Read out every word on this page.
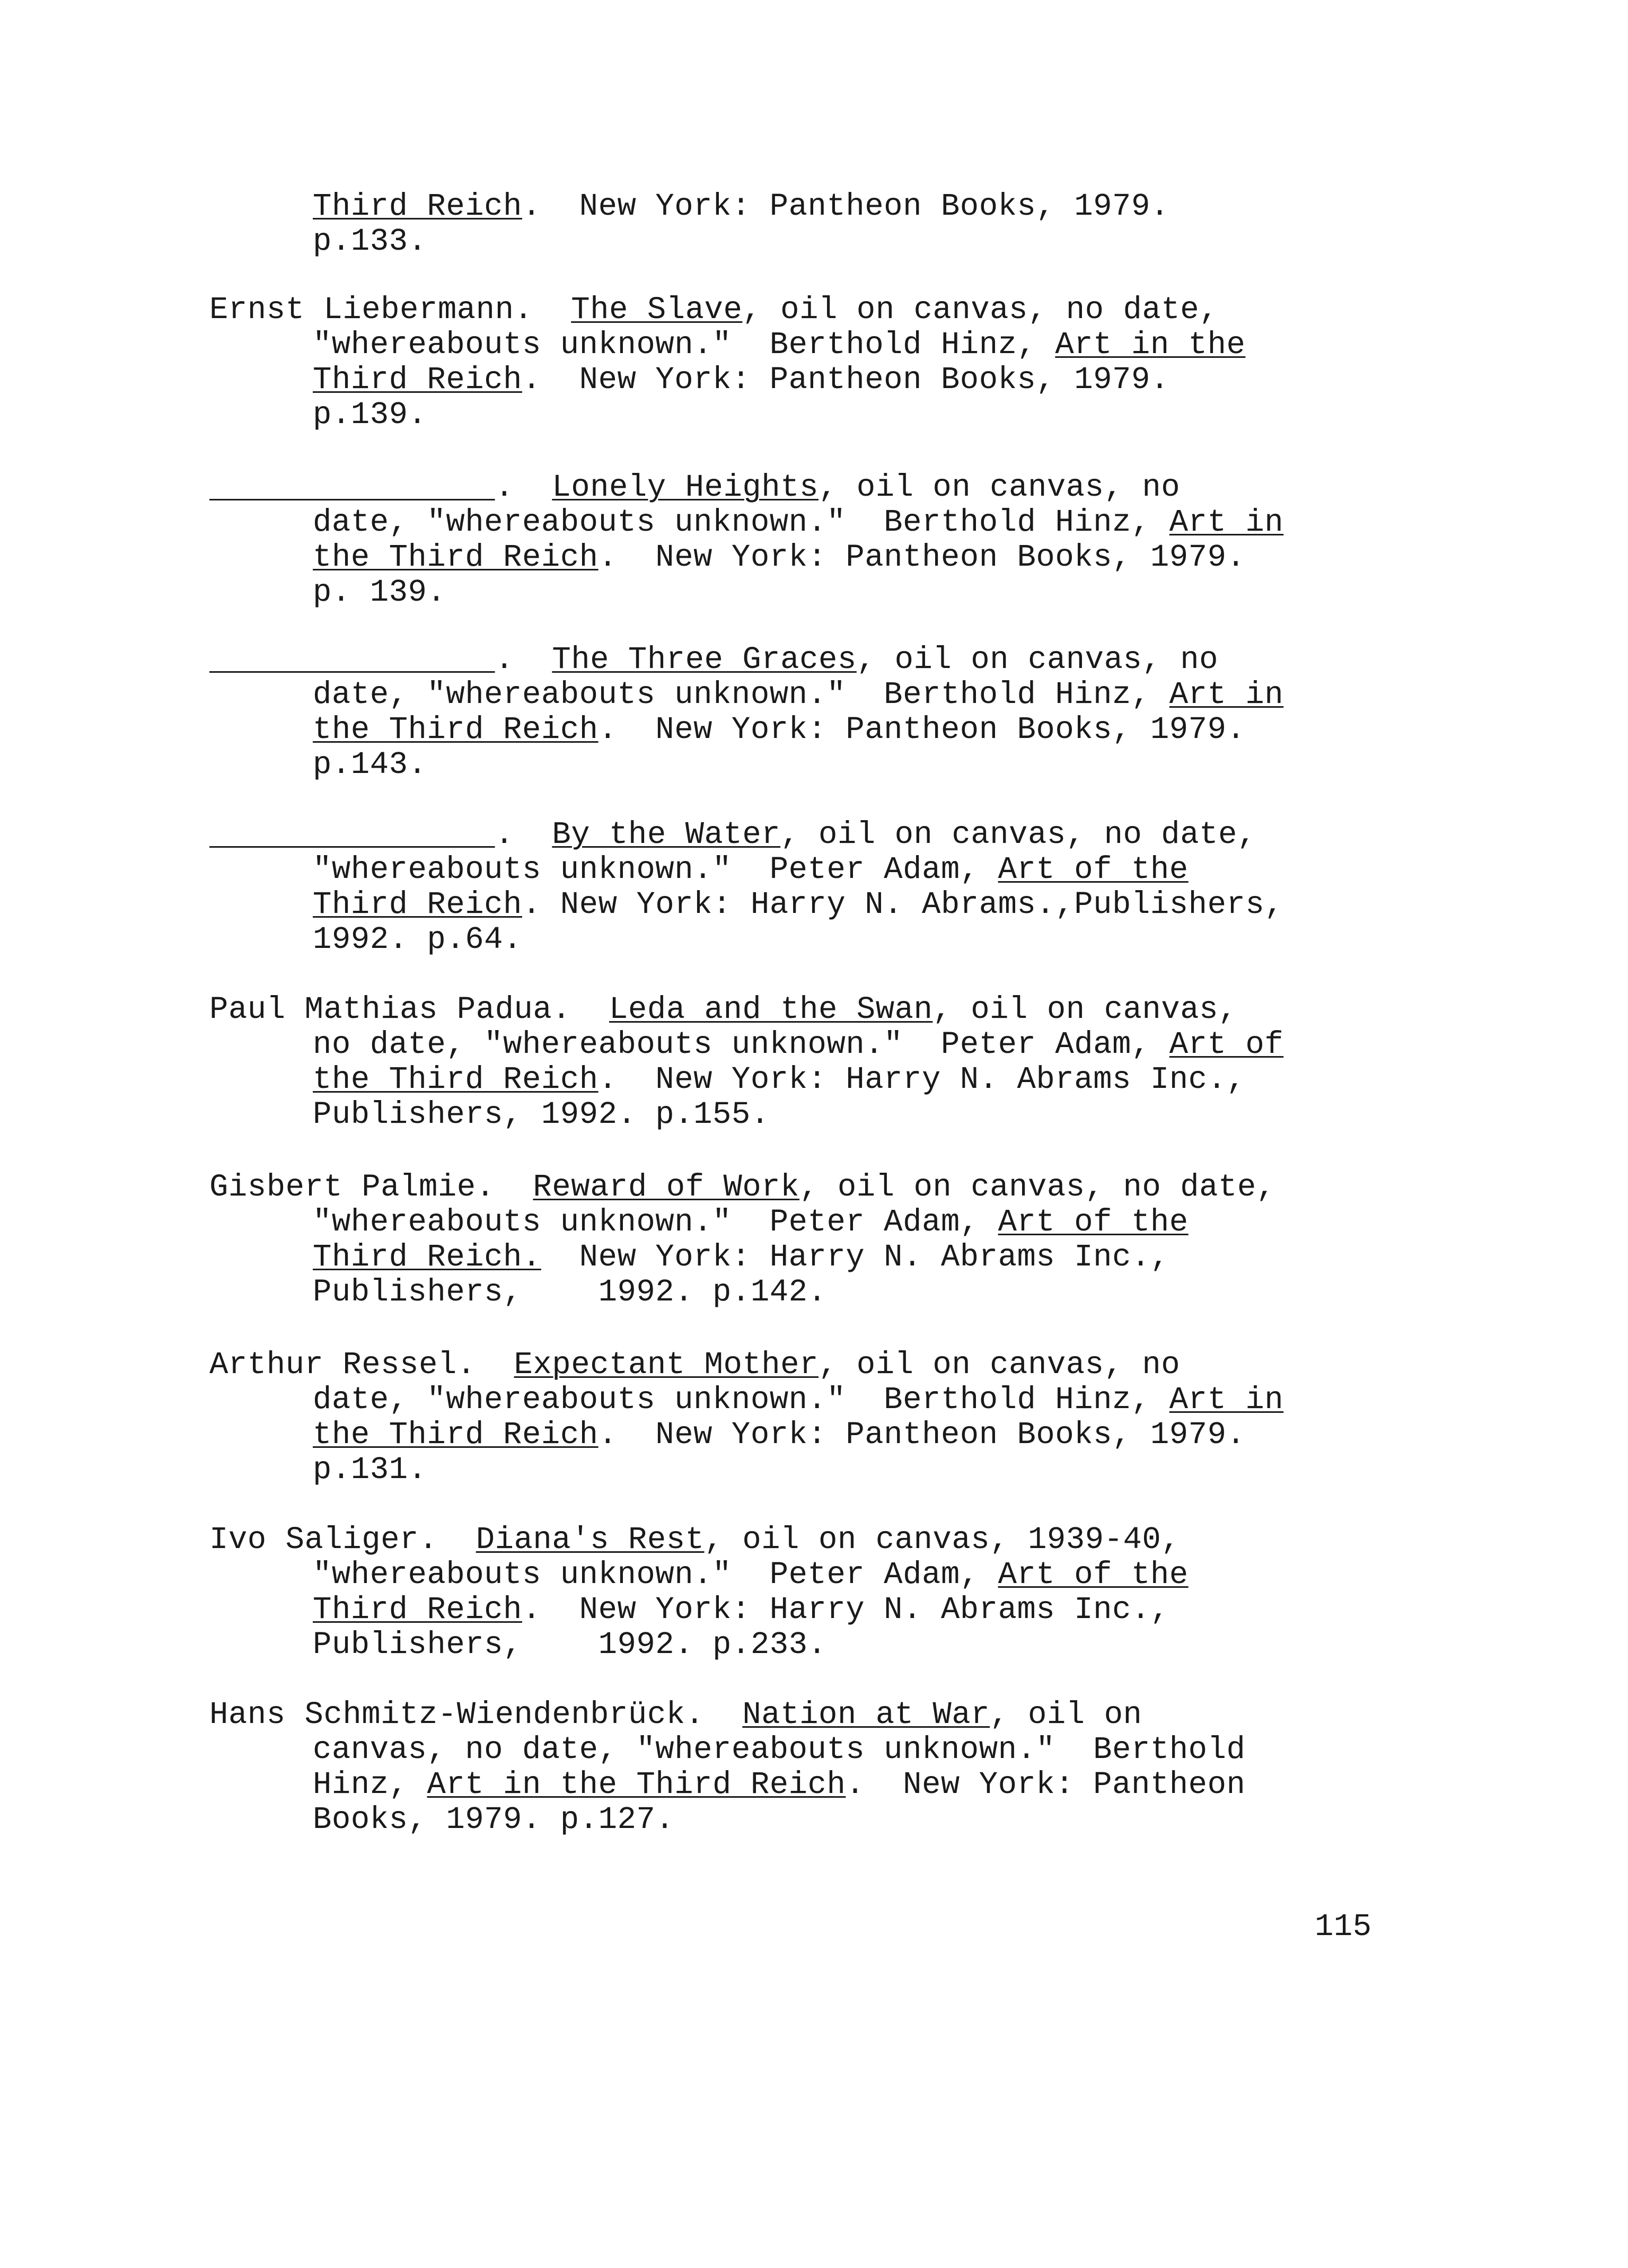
Third Reich.  New York: Pantheon Books, 1979.
p.133.
Ernst Liebermann.  The Slave, oil on canvas, no date,
"whereabouts unknown."  Berthold Hinz, Art in the
Third Reich.  New York: Pantheon Books, 1979.
p.139.
.  Lonely Heights, oil on canvas, no
date, "whereabouts unknown."  Berthold Hinz, Art in
the Third Reich.  New York: Pantheon Books, 1979.
p. 139.
.  The Three Graces, oil on canvas, no
date, "whereabouts unknown."  Berthold Hinz, Art in
the Third Reich.  New York: Pantheon Books, 1979.
p.143.
.  By the Water, oil on canvas, no date,
"whereabouts unknown."  Peter Adam, Art of the
Third Reich. New York: Harry N. Abrams.,Publishers,
1992. p.64.
Paul Mathias Padua.  Leda and the Swan, oil on canvas,
no date, "whereabouts unknown."  Peter Adam, Art of
the Third Reich.  New York: Harry N. Abrams Inc.,
Publishers, 1992. p.155.
Gisbert Palmie.  Reward of Work, oil on canvas, no date,
"whereabouts unknown."  Peter Adam, Art of the
Third Reich.  New York: Harry N. Abrams Inc.,
Publishers,    1992. p.142.
Arthur Ressel.  Expectant Mother, oil on canvas, no
date, "whereabouts unknown."  Berthold Hinz, Art in
the Third Reich.  New York: Pantheon Books, 1979.
p.131.
Ivo Saliger.  Diana's Rest, oil on canvas, 1939-40,
"whereabouts unknown."  Peter Adam, Art of the
Third Reich.  New York: Harry N. Abrams Inc.,
Publishers,    1992. p.233.
Hans Schmitz-Wiendenbrück.  Nation at War, oil on
canvas, no date, "whereabouts unknown."  Berthold
Hinz, Art in the Third Reich.  New York: Pantheon
Books, 1979. p.127.
115
